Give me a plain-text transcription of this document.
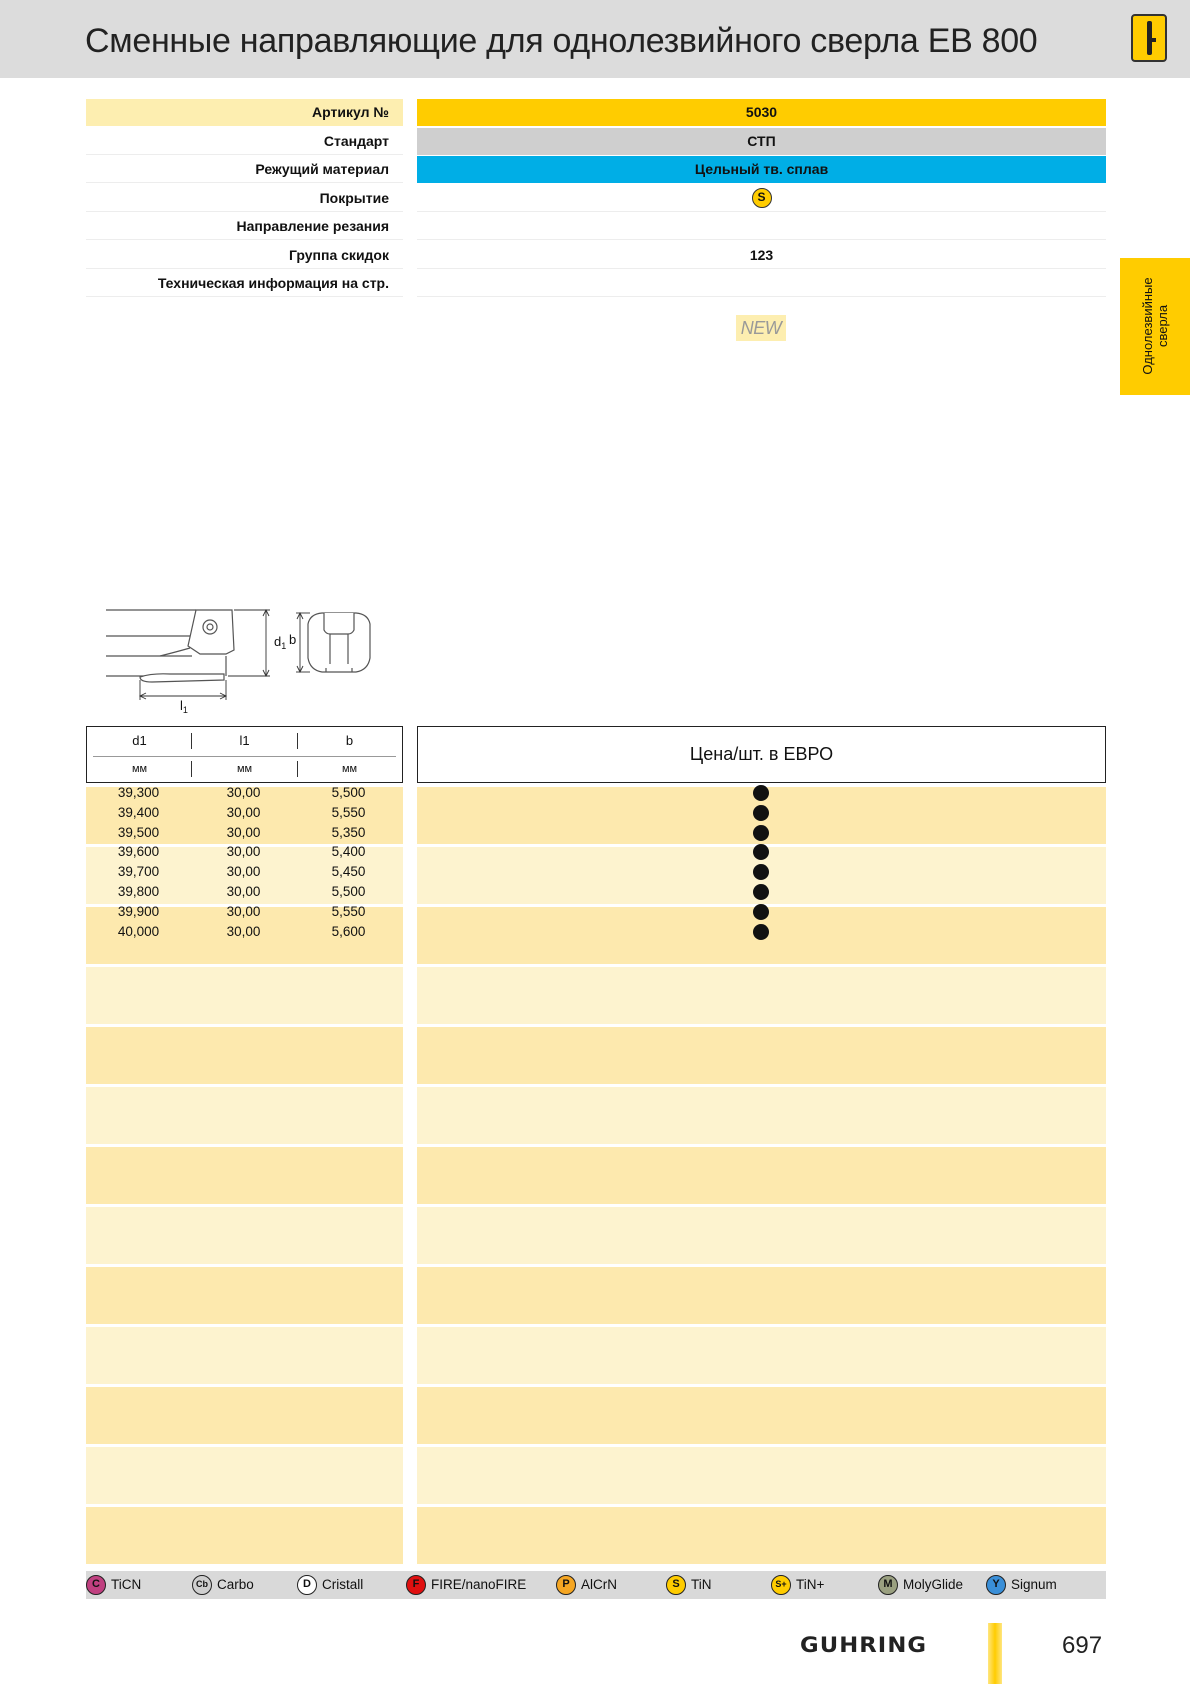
Сменные направляющие для однолезвийного сверла EB 800
Однолезвийные сверла
Артикул №	5030
Стандарт	СТП
Режущий материал	Цельный тв. сплав
Покрытие	S
Направление резания
Группа скидок	123
Техническая информация на стр.
NEW
$d_1$ b
$l_1$
d1	l1	b
мм	мм	мм
Цена/шт. в ЕВРО
39,300	30,00	5,500
39,400	30,00	5,550
39,500	30,00	5,350
39,600	30,00	5,400
39,700	30,00	5,450
39,800	30,00	5,500
39,900	30,00	5,550
40,000	30,00	5,600
C TiCN	Cb Carbo	D Cristall	F FIRE/nanoFIRE	P AlCrN	S TiN	S+ TiN+	M MolyGlide	Y Signum
GUHRING	697
